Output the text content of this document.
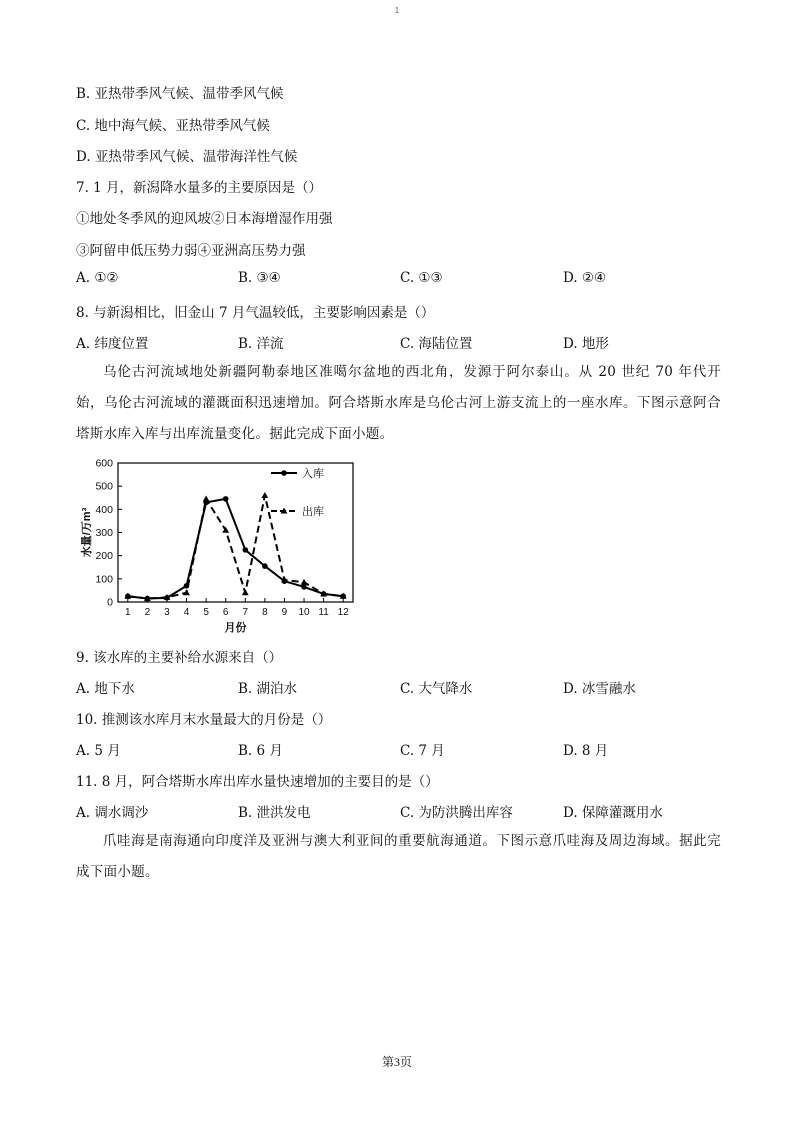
1
B. 亚热带季风气候、温带季风气候
C. 地中海气候、亚热带季风气候
D. 亚热带季风气候、温带海洋性气候
7. 1 月，新潟降水量多的主要原因是（）
①地处冬季风的迎风坡②日本海增湿作用强
③阿留申低压势力弱④亚洲高压势力强
A. ①②	B. ③④	C. ①③	D. ②④
8. 与新潟相比，旧金山 7 月气温较低，主要影响因素是（）
A. 纬度位置	B. 洋流	C. 海陆位置	D. 地形
乌伦古河流域地处新疆阿勒泰地区准噶尔盆地的西北角，发源于阿尔泰山。从 20 世纪 70 年代开始，乌伦古河流域的灌溉面积迅速增加。阿合塔斯水库是乌伦古河上游支流上的一座水库。下图示意阿合塔斯水库入库与出库流量变化。据此完成下面小题。
0
100
200
300
400
500
600
1 2 3 4 5 6 7 8 9 10 11 12
月份
水量/万m³
入库
出库
9. 该水库的主要补给水源来自（）
A. 地下水	B. 湖泊水	C. 大气降水	D. 冰雪融水
10. 推测该水库月末水量最大的月份是（）
A. 5 月	B. 6 月	C. 7 月	D. 8 月
11. 8 月，阿合塔斯水库出库水量快速增加的主要目的是（）
A. 调水调沙	B. 泄洪发电	C. 为防洪腾出库容	D. 保障灌溉用水
爪哇海是南海通向印度洋及亚洲与澳大利亚间的重要航海通道。下图示意爪哇海及周边海域。据此完成下面小题。
第3页
